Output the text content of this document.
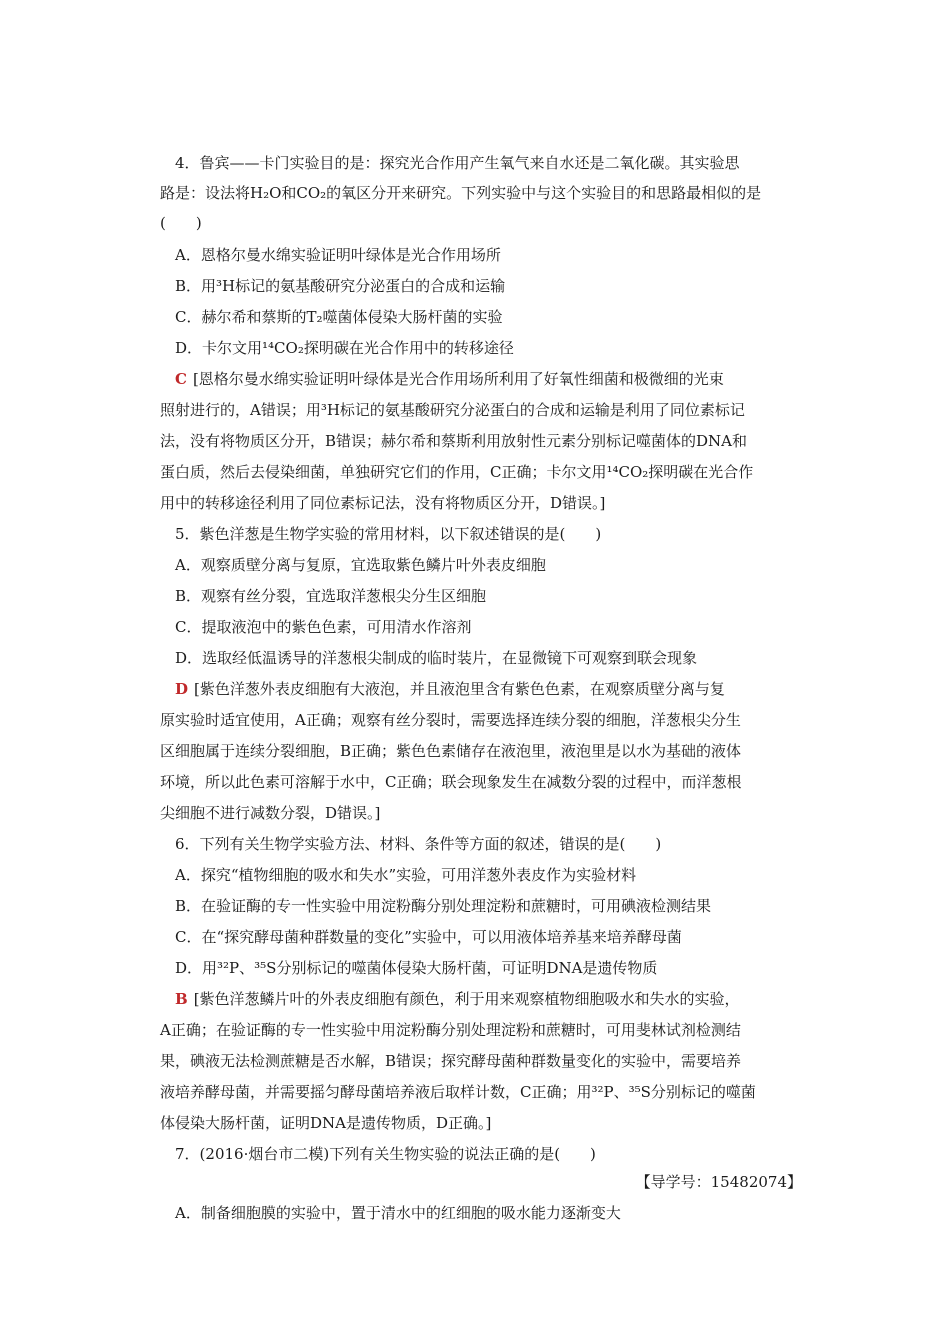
4．鲁宾——卡门实验目的是：探究光合作用产生氧气来自水还是二氧化碳。其实验思
路是：设法将H₂O和CO₂的氧区分开来研究。下列实验中与这个实验目的和思路最相似的是
(　　)
A．恩格尔曼水绵实验证明叶绿体是光合作用场所
B．用³H标记的氨基酸研究分泌蛋白的合成和运输
C．赫尔希和蔡斯的T₂噬菌体侵染大肠杆菌的实验
D．卡尔文用¹⁴CO₂探明碳在光合作用中的转移途径
C [恩格尔曼水绵实验证明叶绿体是光合作用场所利用了好氧性细菌和极微细的光束
照射进行的，A错误；用³H标记的氨基酸研究分泌蛋白的合成和运输是利用了同位素标记
法，没有将物质区分开，B错误；赫尔希和蔡斯利用放射性元素分别标记噬菌体的DNA和
蛋白质，然后去侵染细菌，单独研究它们的作用，C正确；卡尔文用¹⁴CO₂探明碳在光合作
用中的转移途径利用了同位素标记法，没有将物质区分开，D错误。]
5．紫色洋葱是生物学实验的常用材料，以下叙述错误的是(　　)
A．观察质壁分离与复原，宜选取紫色鳞片叶外表皮细胞
B．观察有丝分裂，宜选取洋葱根尖分生区细胞
C．提取液泡中的紫色色素，可用清水作溶剂
D．选取经低温诱导的洋葱根尖制成的临时装片，在显微镜下可观察到联会现象
D [紫色洋葱外表皮细胞有大液泡，并且液泡里含有紫色色素，在观察质壁分离与复
原实验时适宜使用，A正确；观察有丝分裂时，需要选择连续分裂的细胞，洋葱根尖分生
区细胞属于连续分裂细胞，B正确；紫色色素储存在液泡里，液泡里是以水为基础的液体
环境，所以此色素可溶解于水中，C正确；联会现象发生在减数分裂的过程中，而洋葱根
尖细胞不进行减数分裂，D错误。]
6．下列有关生物学实验方法、材料、条件等方面的叙述，错误的是(　　)
A．探究“植物细胞的吸水和失水”实验，可用洋葱外表皮作为实验材料
B．在验证酶的专一性实验中用淀粉酶分别处理淀粉和蔗糖时，可用碘液检测结果
C．在“探究酵母菌种群数量的变化”实验中，可以用液体培养基来培养酵母菌
D．用³²P、³⁵S分别标记的噬菌体侵染大肠杆菌，可证明DNA是遗传物质
B [紫色洋葱鳞片叶的外表皮细胞有颜色，利于用来观察植物细胞吸水和失水的实验，
A正确；在验证酶的专一性实验中用淀粉酶分别处理淀粉和蔗糖时，可用斐林试剂检测结
果，碘液无法检测蔗糖是否水解，B错误；探究酵母菌种群数量变化的实验中，需要培养
液培养酵母菌，并需要摇匀酵母菌培养液后取样计数，C正确；用³²P、³⁵S分别标记的噬菌
体侵染大肠杆菌，证明DNA是遗传物质，D正确。]
7．(2016·烟台市二模)下列有关生物实验的说法正确的是(　　)
【导学号：15482074】
A．制备细胞膜的实验中，置于清水中的红细胞的吸水能力逐渐变大
